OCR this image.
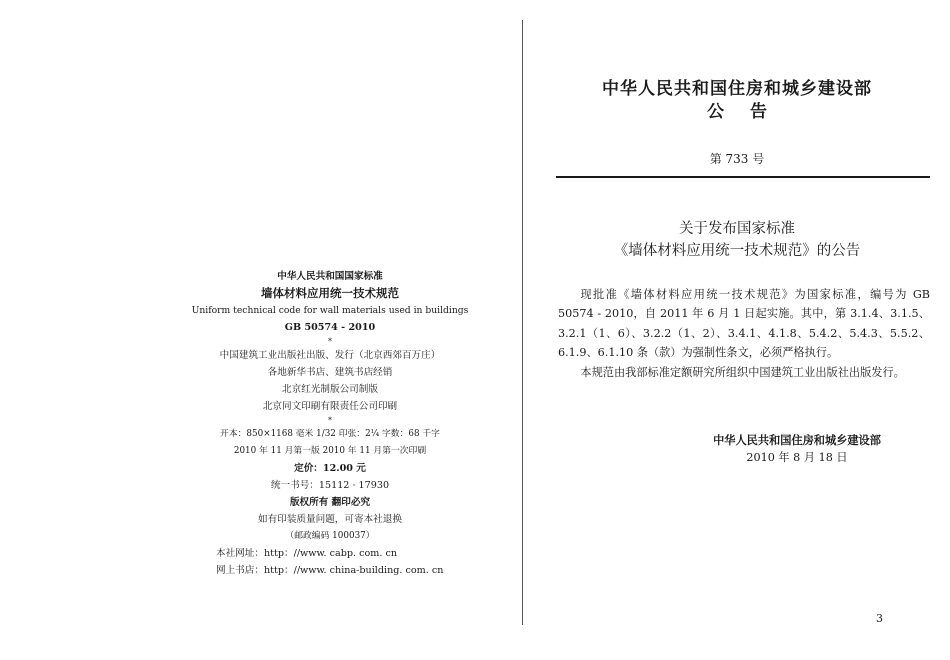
中华人民共和国国家标准
墙体材料应用统一技术规范
Uniform technical code for wall materials used in buildings
GB 50574 - 2010
*
中国建筑工业出版社出版、发行（北京西郊百万庄）
各地新华书店、建筑书店经销
北京红光制版公司制版
北京同文印刷有限责任公司印刷
*
开本：850×1168 毫米 1/32 印张：2¼ 字数：68 千字
2010 年 11 月第一版 2010 年 11 月第一次印刷
定价：12.00 元
统一书号：15112 · 17930
版权所有 翻印必究
如有印装质量问题，可寄本社退换
（邮政编码 100037）
本社网址：http：//www. cabp. com. cn
网上书店：http：//www. china-building. com. cn
中华人民共和国住房和城乡建设部
公告
第 733 号
关于发布国家标准
《墙体材料应用统一技术规范》的公告

现批准《墙体材料应用统一技术规范》为国家标准，编号为 GB 50574 - 2010，自 2011 年 6 月 1 日起实施。其中，第 3.1.4、3.1.5、3.2.1（1、6）、3.2.2（1、2）、3.4.1、4.1.8、5.4.2、5.4.3、5.5.2、6.1.9、6.1.10 条（款）为强制性条文，必须严格执行。

本规范由我部标准定额研究所组织中国建筑工业出版社出版发行。

中华人民共和国住房和城乡建设部
2010 年 8 月 18 日
3
